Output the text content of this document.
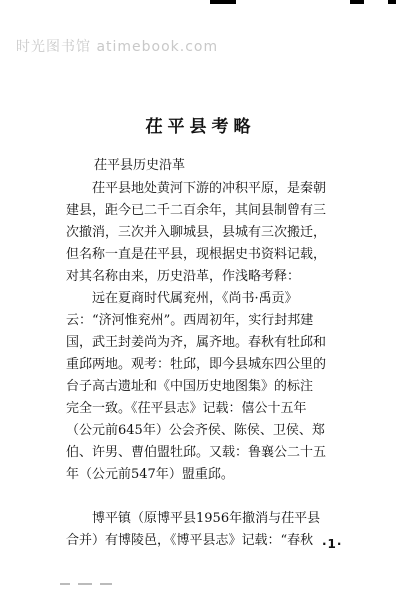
时光图书馆 atimebook.com
茌平县考略
茌平县历史沿革
茌平县地处黄河下游的冲积平原，是秦朝
建县，距今已二千二百余年，其间县制曾有三
次撤消，三次并入聊城县，县城有三次搬迁，
但名称一直是茌平县，现根据史书资料记载，
对其名称由来，历史沿革，作浅略考释：
远在夏商时代属兖州，《尚书·禹贡》
云：“济河惟兖州”。西周初年，实行封邦建
国，武王封姜尚为齐，属齐地。春秋有牡邱和
重邱两地。观考：牡邱，即今县城东四公里的
台子高古遗址和《中国历史地图集》的标注
完全一致。《茌平县志》记载：僖公十五年
（公元前645年）公会齐侯、陈侯、卫侯、郑
伯、许男、曹伯盟牡邱。又载：鲁襄公二十五
年（公元前547年）盟重邱。
博平镇（原博平县1956年撤消与茌平县
合并）有博陵邑，《博平县志》记载：“春秋 ·1·
